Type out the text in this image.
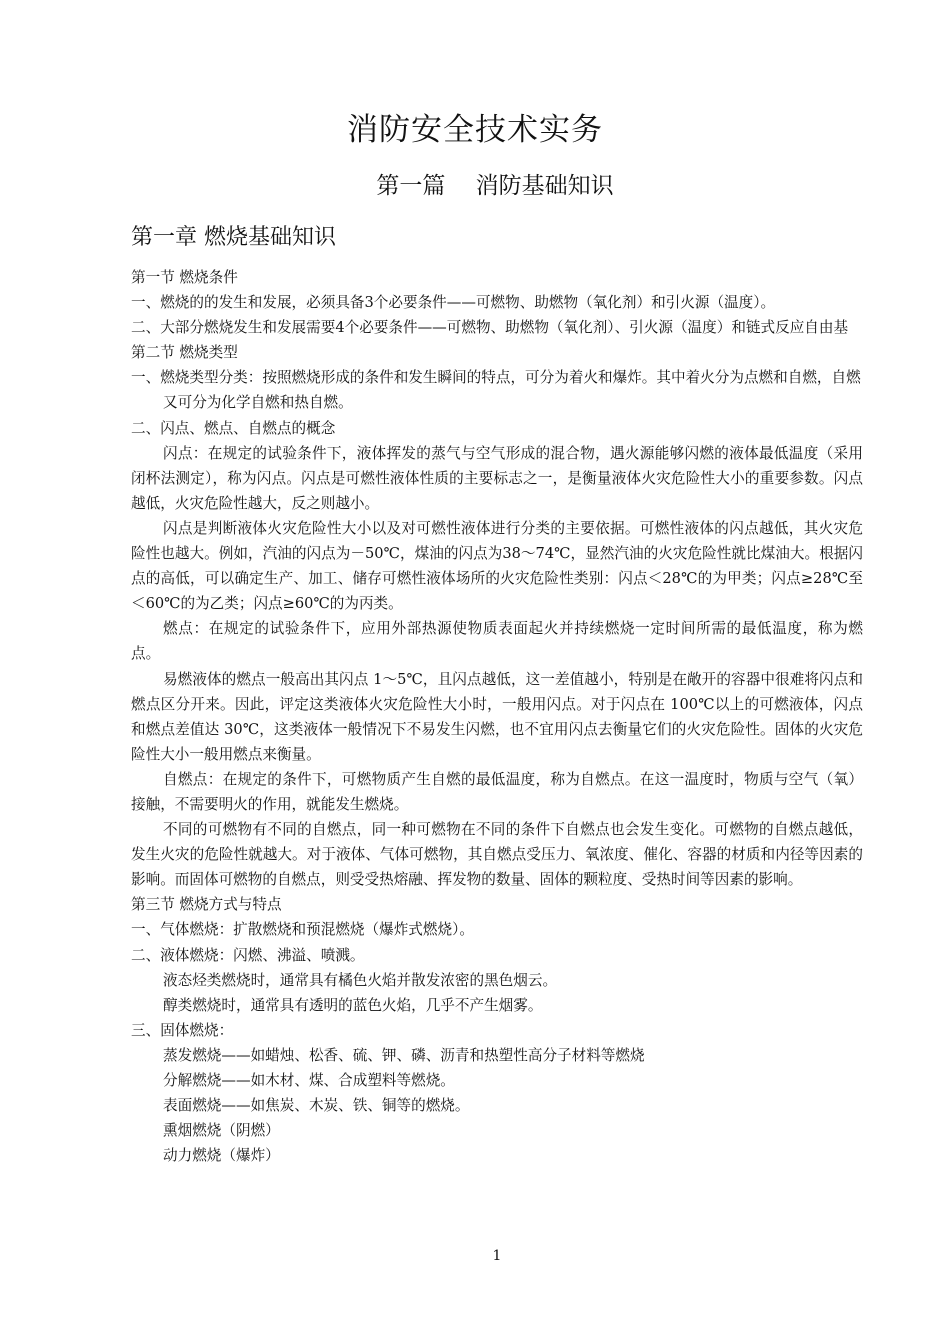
消防安全技术实务
第一篇　 消防基础知识
第一章 燃烧基础知识

第一节 燃烧条件

一、燃烧的的发生和发展，必须具备3个必要条件——可燃物、助燃物（氧化剂）和引火源（温度）。

二、大部分燃烧发生和发展需要4个必要条件——可燃物、助燃物（氧化剂）、引火源（温度）和链式反应自由基

第二节 燃烧类型

一、燃烧类型分类：按照燃烧形成的条件和发生瞬间的特点，可分为着火和爆炸。其中着火分为点燃和自燃，自燃又可分为化学自燃和热自燃。

二、闪点、燃点、自燃点的概念

闪点：在规定的试验条件下，液体挥发的蒸气与空气形成的混合物，遇火源能够闪燃的液体最低温度（采用闭杯法测定），称为闪点。闪点是可燃性液体性质的主要标志之一，是衡量液体火灾危险性大小的重要参数。闪点越低，火灾危险性越大，反之则越小。

闪点是判断液体火灾危险性大小以及对可燃性液体进行分类的主要依据。可燃性液体的闪点越低，其火灾危险性也越大。例如，汽油的闪点为－50℃，煤油的闪点为38～74℃，显然汽油的火灾危险性就比煤油大。根据闪点的高低，可以确定生产、加工、储存可燃性液体场所的火灾危险性类别：闪点＜28℃的为甲类；闪点≥28℃至＜60℃的为乙类；闪点≥60℃的为丙类。

燃点：在规定的试验条件下，应用外部热源使物质表面起火并持续燃烧一定时间所需的最低温度，称为燃点。

易燃液体的燃点一般高出其闪点 1～5℃，且闪点越低，这一差值越小，特别是在敞开的容器中很难将闪点和燃点区分开来。因此，评定这类液体火灾危险性大小时，一般用闪点。对于闪点在 100℃以上的可燃液体，闪点和燃点差值达 30℃，这类液体一般情况下不易发生闪燃，也不宜用闪点去衡量它们的火灾危险性。固体的火灾危险性大小一般用燃点来衡量。

自燃点：在规定的条件下，可燃物质产生自燃的最低温度，称为自燃点。在这一温度时，物质与空气（氧）接触，不需要明火的作用，就能发生燃烧。

不同的可燃物有不同的自燃点，同一种可燃物在不同的条件下自燃点也会发生变化。可燃物的自燃点越低，发生火灾的危险性就越大。对于液体、气体可燃物，其自燃点受压力、氧浓度、催化、容器的材质和内径等因素的影响。而固体可燃物的自燃点，则受受热熔融、挥发物的数量、固体的颗粒度、受热时间等因素的影响。

第三节 燃烧方式与特点

一、气体燃烧：扩散燃烧和预混燃烧（爆炸式燃烧）。

二、液体燃烧：闪燃、沸溢、喷溅。

液态烃类燃烧时，通常具有橘色火焰并散发浓密的黑色烟云。

醇类燃烧时，通常具有透明的蓝色火焰，几乎不产生烟雾。

三、固体燃烧：

蒸发燃烧——如蜡烛、松香、硫、钾、磷、沥青和热塑性高分子材料等燃烧

分解燃烧——如木材、煤、合成塑料等燃烧。

表面燃烧——如焦炭、木炭、铁、铜等的燃烧。

熏烟燃烧（阴燃）

动力燃烧（爆炸）

1
